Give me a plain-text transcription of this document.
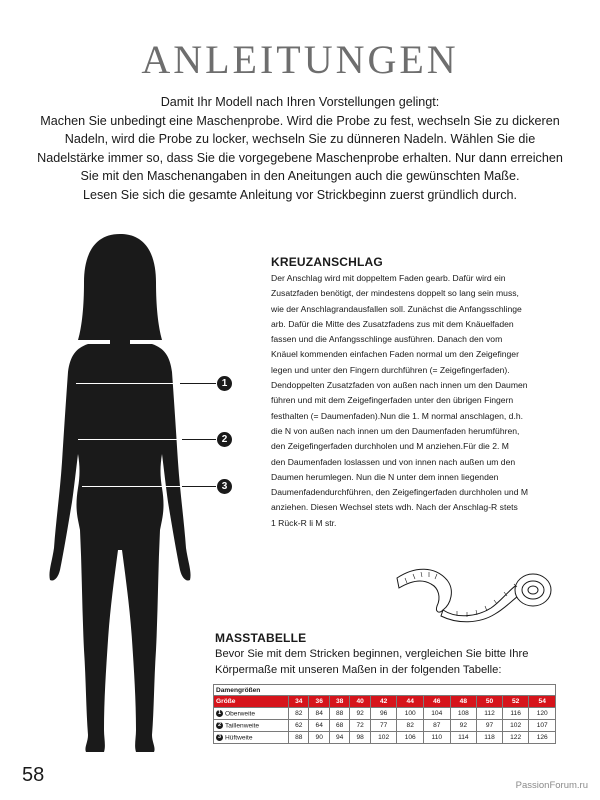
ANLEITUNGEN
Damit Ihr Modell nach Ihren Vorstellungen gelingt:
Machen Sie unbedingt eine Maschenprobe. Wird die Probe zu fest, wechseln Sie zu dickeren
Nadeln, wird die Probe zu locker, wechseln Sie zu dünneren Nadeln. Wählen Sie die
Nadelstärke immer so, dass Sie die vorgegebene Maschenprobe erhalten. Nur dann erreichen
Sie mit den Maschenangaben in den Aneitungen auch die gewünschten Maße.
Lesen Sie sich die gesamte Anleitung vor Strickbeginn zuerst gründlich durch.
1
2
3
KREUZANSCHLAG
Der Anschlag wird mit doppeltem Faden gearb. Dafür wird ein
Zusatzfaden benötigt, der mindestens doppelt so lang sein muss,
wie der Anschlagrandausfallen soll. Zunächst die Anfangsschlinge
arb. Dafür die Mitte des Zusatzfadens zus mit dem Knäuelfaden
fassen und die Anfangsschlinge ausführen. Danach den vom
Knäuel kommenden einfachen Faden normal um den Zeigefinger
legen und unter den Fingern durchführen (= Zeigefingerfaden).
Dendoppelten Zusatzfaden von außen nach innen um den Daumen
führen und mit dem Zeigefingerfaden unter den übrigen Fingern
festhalten (= Daumenfaden).Nun die 1. M normal anschlagen, d.h.
die N von außen nach innen um den Daumenfaden herumführen,
den Zeigefingerfaden durchholen und M anziehen.Für die 2. M
den Daumenfaden loslassen und von innen nach außen um den
Daumen herumlegen. Nun die N unter dem innen liegenden
Daumenfadendurchführen, den Zeigefingerfaden durchholen und M
anziehen. Diesen Wechsel stets wdh. Nach der Anschlag-R stets
1 Rück-R li M str.
MASSTABELLE
Bevor Sie mit dem Stricken beginnen, vergleichen Sie bitte Ihre
Körpermaße mit unseren Maßen in der folgenden Tabelle:
Damengrößen											
Größe	34	36	38	40	42	44	46	48	50	52	54
1 Oberweite	82	84	88	92	96	100	104	108	112	116	120
2 Taillenweite	62	64	68	72	77	82	87	92	97	102	107
3 Hüftweite	88	90	94	98	102	106	110	114	118	122	126
58	PassionForum.ru
